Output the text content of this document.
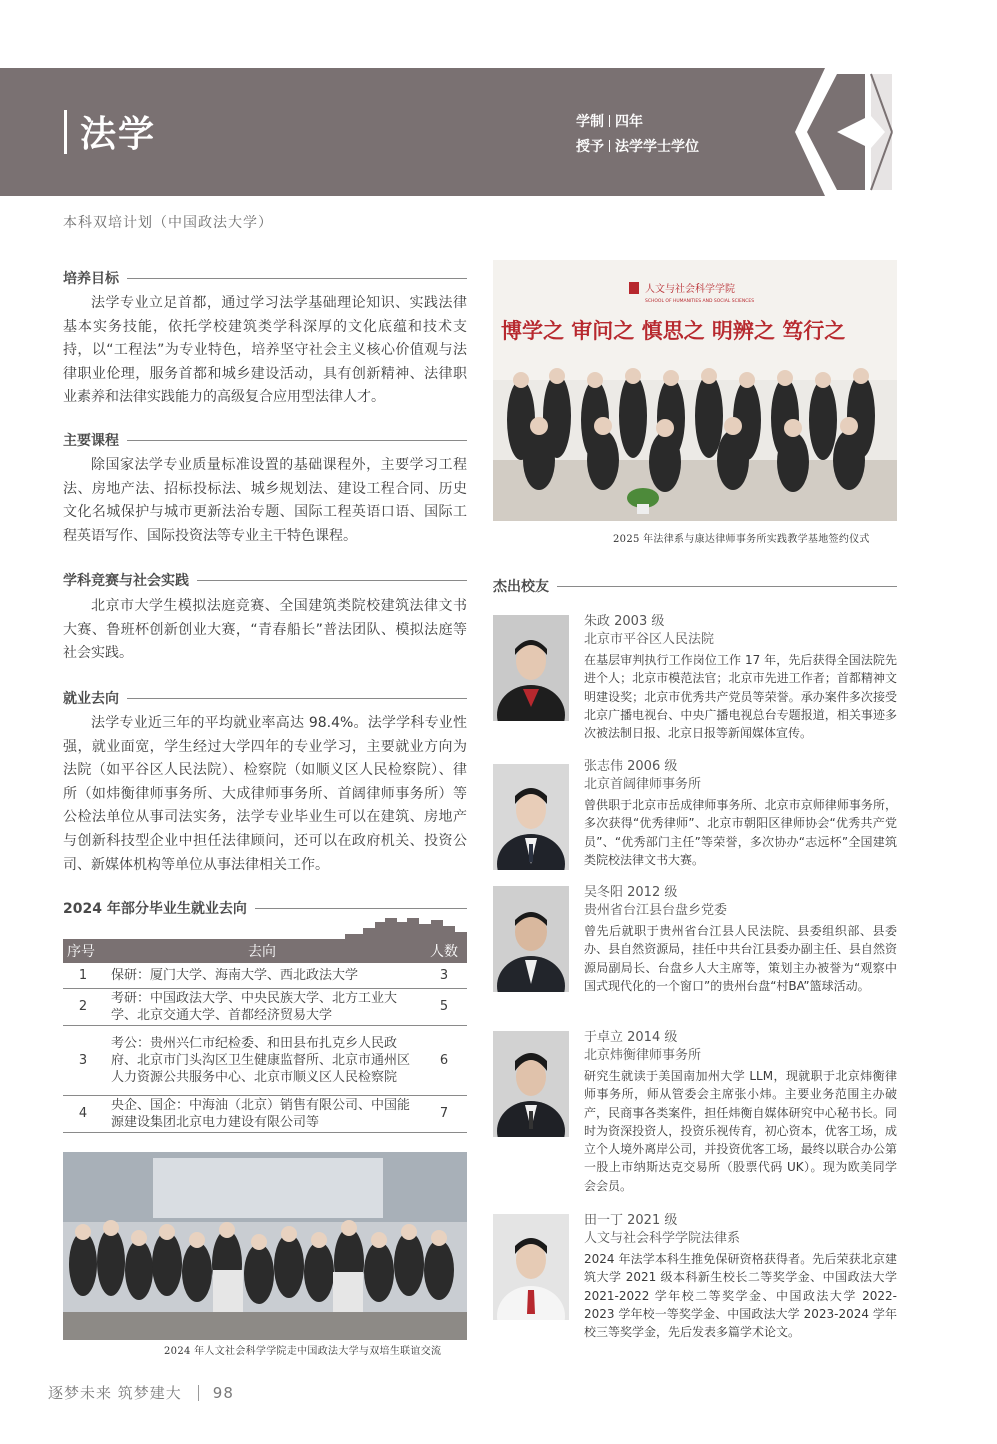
法学	学制 四年
授予 法学学士学位
本科双培计划（中国政法大学）
培养目标
法学专业立足首都，通过学习法学基础理论知识、实践法律基本实务技能，依托学校建筑类学科深厚的文化底蕴和技术支持，以“工程法”为专业特色，培养坚守社会主义核心价值观与法律职业伦理，服务首都和城乡建设活动，具有创新精神、法律职业素养和法律实践能力的高级复合应用型法律人才。
主要课程
除国家法学专业质量标准设置的基础课程外，主要学习工程法、房地产法、招标投标法、城乡规划法、建设工程合同、历史文化名城保护与城市更新法治专题、国际工程英语口语、国际工程英语写作、国际投资法等专业主干特色课程。
学科竞赛与社会实践
北京市大学生模拟法庭竞赛、全国建筑类院校建筑法律文书大赛、鲁班杯创新创业大赛，“青春船长”普法团队、模拟法庭等社会实践。
就业去向
法学专业近三年的平均就业率高达 98.4%。法学学科专业性强，就业面宽，学生经过大学四年的专业学习，主要就业方向为法院（如平谷区人民法院）、检察院（如顺义区人民检察院）、律所（如炜衡律师事务所、大成律师事务所、首阔律师事务所）等公检法单位从事司法实务，法学专业毕业生可以在建筑、房地产与创新科技型企业中担任法律顾问，还可以在政府机关、投资公司、新媒体机构等单位从事法律相关工作。
2024 年部分毕业生就业去向
序号	去向	人数
1	保研：厦门大学、海南大学、西北政法大学	3
2	考研：中国政法大学、中央民族大学、北方工业大学、北京交通大学、首都经济贸易大学	5
3	考公：贵州兴仁市纪检委、和田县布扎克乡人民政府、北京市门头沟区卫生健康监督所、北京市通州区人力资源公共服务中心、北京市顺义区人民检察院	6
4	央企、国企：中海油（北京）销售有限公司、中国能源建设集团北京电力建设有限公司等	7
2024 年人文社会科学学院走中国政法大学与双培生联谊交流
人文与社会科学学院
SCHOOL OF HUMANITIES AND SOCIAL SCIENCES
博学之 审问之 慎思之 明辨之 笃行之
2025 年法律系与康达律师事务所实践教学基地签约仪式
杰出校友
朱政 2003 级
北京市平谷区人民法院
在基层审判执行工作岗位工作 17 年，先后获得全国法院先进个人；北京市模范法官；北京市先进工作者；首都精神文明建设奖；北京市优秀共产党员等荣誉。承办案件多次接受北京广播电视台、中央广播电视总台专题报道，相关事迹多次被法制日报、北京日报等新闻媒体宣传。
张志伟 2006 级
北京首阔律师事务所
曾供职于北京市岳成律师事务所、北京市京师律师事务所，多次获得“优秀律师”、北京市朝阳区律师协会“优秀共产党员”、“优秀部门主任”等荣誉，多次协办“志远杯”全国建筑类院校法律文书大赛。
吴冬阳 2012 级
贵州省台江县台盘乡党委
曾先后就职于贵州省台江县人民法院、县委组织部、县委办、县自然资源局，挂任中共台江县委办副主任、县自然资源局副局长、台盘乡人大主席等，策划主办被誉为“观察中国式现代化的一个窗口”的贵州台盘“村BA”篮球活动。
于卓立 2014 级
北京炜衡律师事务所
研究生就读于美国南加州大学 LLM，现就职于北京炜衡律师事务所，师从管委会主席张小炜。主要业务范围主办破产，民商事各类案件，担任炜衡自媒体研究中心秘书长。同时为资深投资人，投资乐视传育，初心资本，优客工场，成立个人境外离岸公司，并投资优客工场，最终以联合办公第一股上市纳斯达克交易所（股票代码 UK）。现为欧美同学会会员。
田一丁 2021 级
人文与社会科学学院法律系
2024 年法学本科生推免保研资格获得者。先后荣获北京建筑大学 2021 级本科新生校长二等奖学金、中国政法大学 2021-2022 学年校二等奖学金、中国政法大学 2022-2023 学年校一等奖学金、中国政法大学 2023-2024 学年校三等奖学金，先后发表多篇学术论文。
逐梦未来 筑梦建大 98
